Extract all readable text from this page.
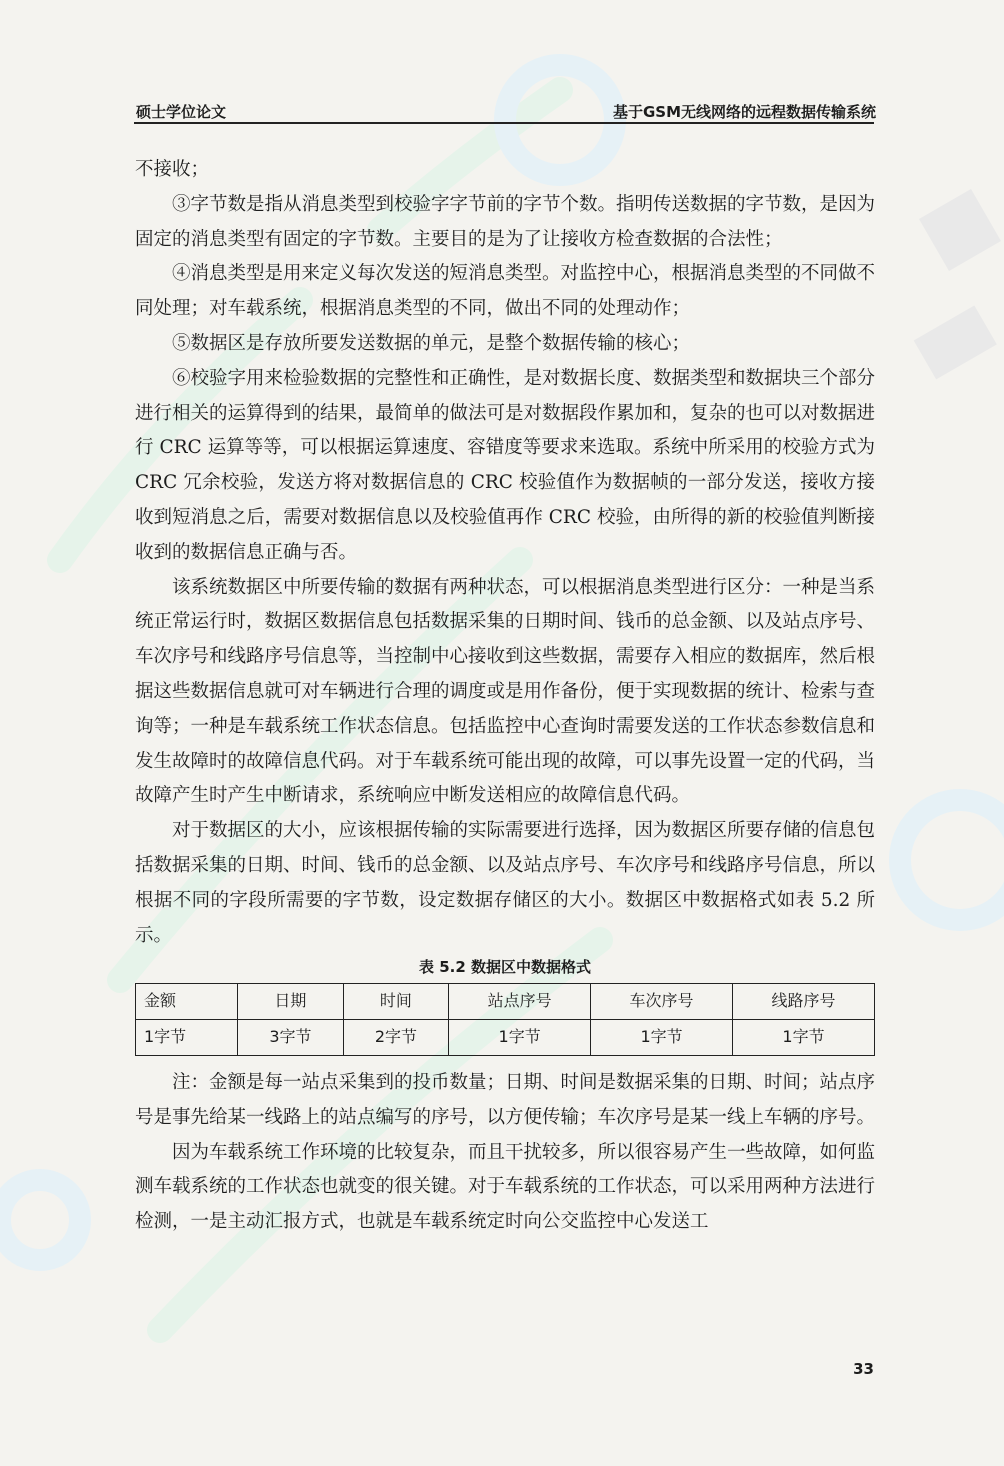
硕士学位论文	基于GSM无线网络的远程数据传输系统

不接收；

③字节数是指从消息类型到校验字字节前的字节个数。指明传送数据的字节数，是因为固定的消息类型有固定的字节数。主要目的是为了让接收方检查数据的合法性；

④消息类型是用来定义每次发送的短消息类型。对监控中心，根据消息类型的不同做不同处理；对车载系统，根据消息类型的不同，做出不同的处理动作；

⑤数据区是存放所要发送数据的单元，是整个数据传输的核心；

⑥校验字用来检验数据的完整性和正确性，是对数据长度、数据类型和数据块三个部分进行相关的运算得到的结果，最简单的做法可是对数据段作累加和，复杂的也可以对数据进行 CRC 运算等等，可以根据运算速度、容错度等要求来选取。系统中所采用的校验方式为 CRC 冗余校验，发送方将对数据信息的 CRC 校验值作为数据帧的一部分发送，接收方接收到短消息之后，需要对数据信息以及校验值再作 CRC 校验，由所得的新的校验值判断接收到的数据信息正确与否。

该系统数据区中所要传输的数据有两种状态，可以根据消息类型进行区分：一种是当系统正常运行时，数据区数据信息包括数据采集的日期时间、钱币的总金额、以及站点序号、车次序号和线路序号信息等，当控制中心接收到这些数据，需要存入相应的数据库，然后根据这些数据信息就可对车辆进行合理的调度或是用作备份，便于实现数据的统计、检索与查询等；一种是车载系统工作状态信息。包括监控中心查询时需要发送的工作状态参数信息和发生故障时的故障信息代码。对于车载系统可能出现的故障，可以事先设置一定的代码，当故障产生时产生中断请求，系统响应中断发送相应的故障信息代码。

对于数据区的大小，应该根据传输的实际需要进行选择，因为数据区所要存储的信息包括数据采集的日期、时间、钱币的总金额、以及站点序号、车次序号和线路序号信息，所以根据不同的字段所需要的字节数，设定数据存储区的大小。数据区中数据格式如表 5.2 所示。

表 5.2 数据区中数据格式

金额	日期	时间	站点序号	车次序号	线路序号
1字节	3字节	2字节	1字节	1字节	1字节

注：金额是每一站点采集到的投币数量；日期、时间是数据采集的日期、时间；站点序号是事先给某一线路上的站点编写的序号，以方便传输；车次序号是某一线上车辆的序号。

因为车载系统工作环境的比较复杂，而且干扰较多，所以很容易产生一些故障，如何监测车载系统的工作状态也就变的很关键。对于车载系统的工作状态，可以采用两种方法进行检测，一是主动汇报方式，也就是车载系统定时向公交监控中心发送工

33
